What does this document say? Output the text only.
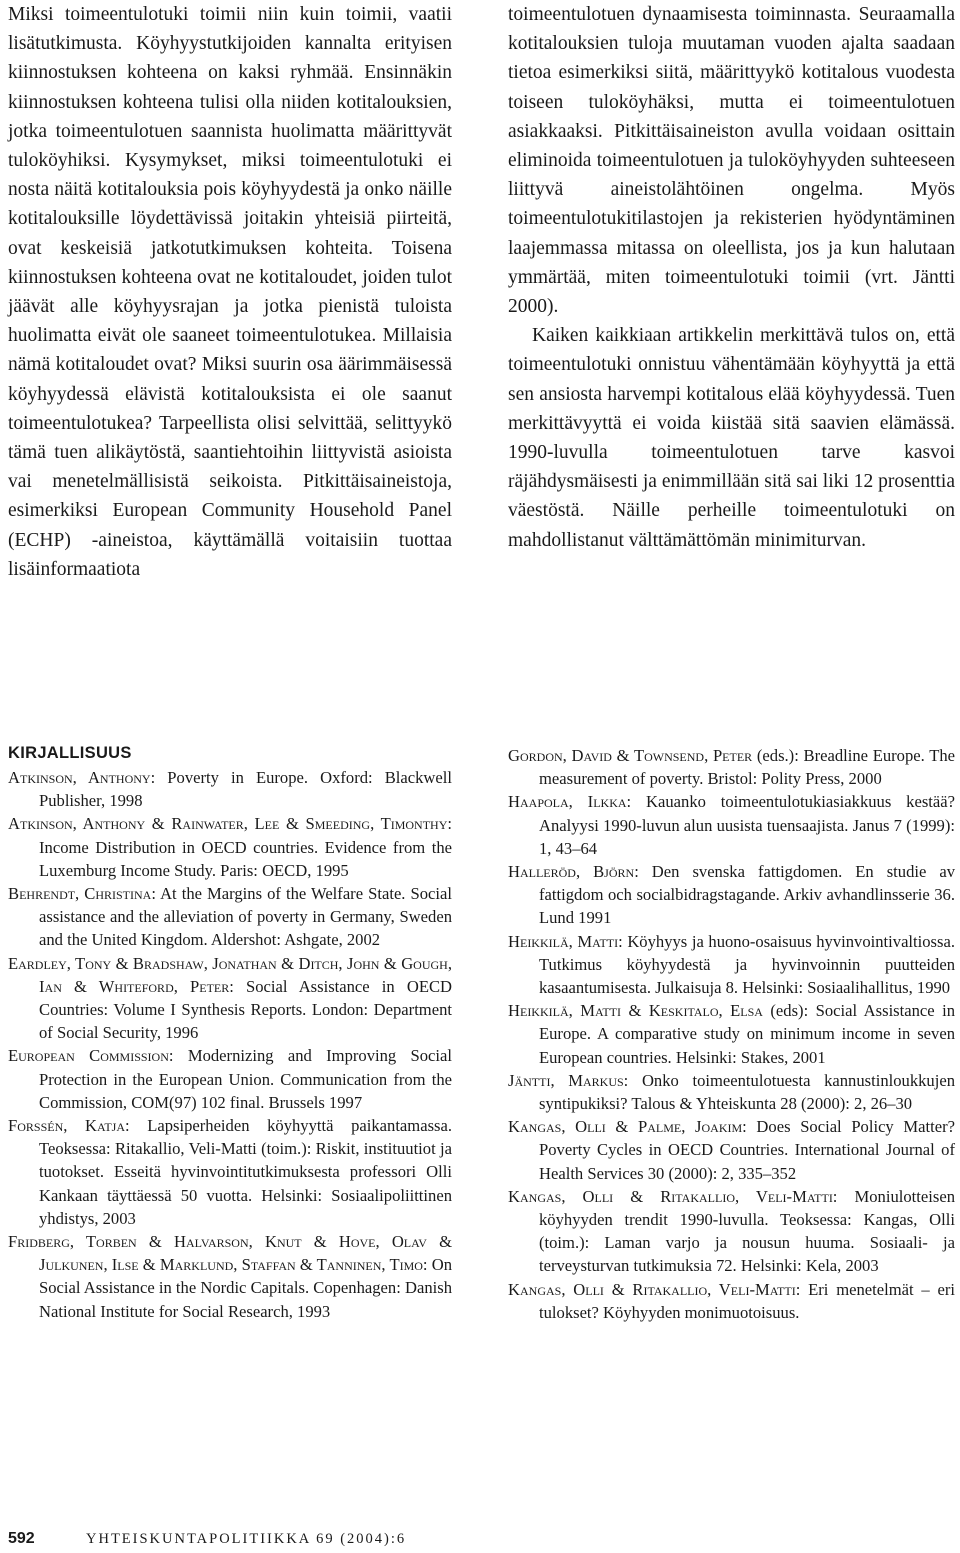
Miksi toimeentulotuki toimii niin kuin toimii, vaatii lisätutkimusta. Köyhyystutkijoiden kannalta erityisen kiinnostuksen kohteena on kaksi ryhmää. Ensinnäkin kiinnostuksen kohteena tulisi olla niiden kotitalouksien, jotka toimeentulotuen saannista huolimatta määrittyvät tuloköyhiksi. Kysymykset, miksi toimeentulotuki ei nosta näitä kotitalouksia pois köyhyydestä ja onko näille kotitalouksille löydettävissä joitakin yhteisiä piirteitä, ovat keskeisiä jatkotutkimuksen kohteita. Toisena kiinnostuksen kohteena ovat ne kotitaloudet, joiden tulot jäävät alle köyhyysrajan ja jotka pienistä tuloista huolimatta eivät ole saaneet toimeentulotukea. Millaisia nämä kotitaloudet ovat? Miksi suurin osa äärimmäisessä köyhyydessä elävistä kotitalouksista ei ole saanut toimeentulotukea? Tarpeellista olisi selvittää, selittyykö tämä tuen alikäytöstä, saantiehtoihin liittyvistä asioista vai menetelmällisistä seikoista. Pitkittäisaineistoja, esimerkiksi European Community Household Panel (ECHP) -aineistoa, käyttämällä voitaisiin tuottaa lisäinformaatiota

toimeentulotuen dynaamisesta toiminnasta. Seuraamalla kotitalouksien tuloja muutaman vuoden ajalta saadaan tietoa esimerkiksi siitä, määrittyykö kotitalous vuodesta toiseen tuloköyhäksi, mutta ei toimeentulotuen asiakkaaksi. Pitkittäisaineiston avulla voidaan osittain eliminoida toimeentulotuen ja tuloköyhyyden suhteeseen liittyvä aineistolähtöinen ongelma. Myös toimeentulotukitilastojen ja rekisterien hyödyntäminen laajemmassa mitassa on oleellista, jos ja kun halutaan ymmärtää, miten toimeentulotuki toimii (vrt. Jäntti 2000).

Kaiken kaikkiaan artikkelin merkittävä tulos on, että toimeentulotuki onnistuu vähentämään köyhyyttä ja että sen ansiosta harvempi kotitalous elää köyhyydessä. Tuen merkittävyyttä ei voida kiistää sitä saavien elämässä. 1990-luvulla toimeentulotuen tarve kasvoi räjähdysmäisesti ja enimmillään sitä sai liki 12 prosenttia väestöstä. Näille perheille toimeentulotuki on mahdollistanut välttämättömän minimiturvan.

KIRJALLISUUS

Atkinson, Anthony: Poverty in Europe. Oxford: Blackwell Publisher, 1998

Atkinson, Anthony & Rainwater, Lee & Smeeding, Timonthy: Income Distribution in OECD countries. Evidence from the Luxemburg Income Study. Paris: OECD, 1995

Behrendt, Christina: At the Margins of the Welfare State. Social assistance and the alleviation of poverty in Germany, Sweden and the United Kingdom. Aldershot: Ashgate, 2002

Eardley, Tony & Bradshaw, Jonathan & Ditch, John & Gough, Ian & Whiteford, Peter: Social Assistance in OECD Countries: Volume I Synthesis Reports. London: Department of Social Security, 1996

European Commission: Modernizing and Improving Social Protection in the European Union. Communication from the Commission, COM(97) 102 final. Brussels 1997

Forssén, Katja: Lapsiperheiden köyhyyttä paikantamassa. Teoksessa: Ritakallio, Veli-Matti (toim.): Riskit, instituutiot ja tuotokset. Esseitä hyvinvointitutkimuksesta professori Olli Kankaan täyttäessä 50 vuotta. Helsinki: Sosiaalipoliittinen yhdistys, 2003

Fridberg, Torben & Halvarson, Knut & Hove, Olav & Julkunen, Ilse & Marklund, Staffan & Tanninen, Timo: On Social Assistance in the Nordic Capitals. Copenhagen: Danish National Institute for Social Research, 1993

Gordon, David & Townsend, Peter (eds.): Breadline Europe. The measurement of poverty. Bristol: Polity Press, 2000

Haapola, Ilkka: Kauanko toimeentulotukiasiakkuus kestää? Analyysi 1990-luvun alun uusista tuensaajista. Janus 7 (1999): 1, 43–64

Halleröd, Björn: Den svenska fattigdomen. En studie av fattigdom och socialbidragstagande. Arkiv avhandlinsserie 36. Lund 1991

Heikkilä, Matti: Köyhyys ja huono-osaisuus hyvinvointivaltiossa. Tutkimus köyhyydestä ja hyvinvoinnin puutteiden kasaantumisesta. Julkaisuja 8. Helsinki: Sosiaalihallitus, 1990

Heikkilä, Matti & Keskitalo, Elsa (eds): Social Assistance in Europe. A comparative study on minimum income in seven European countries. Helsinki: Stakes, 2001

Jäntti, Markus: Onko toimeentulotuesta kannustinloukkujen syntipukiksi? Talous & Yhteiskunta 28 (2000): 2, 26–30

Kangas, Olli & Palme, Joakim: Does Social Policy Matter? Poverty Cycles in OECD Countries. International Journal of Health Services 30 (2000): 2, 335–352

Kangas, Olli & Ritakallio, Veli-Matti: Moniulotteisen köyhyyden trendit 1990-luvulla. Teoksessa: Kangas, Olli (toim.): Laman varjo ja nousun huuma. Sosiaali- ja terveysturvan tutkimuksia 72. Helsinki: Kela, 2003

Kangas, Olli & Ritakallio, Veli-Matti: Eri menetelmät – eri tulokset? Köyhyyden monimuotoisuus.

592	YHTEISKUNTAPOLITIIKKA 69 (2004):6
